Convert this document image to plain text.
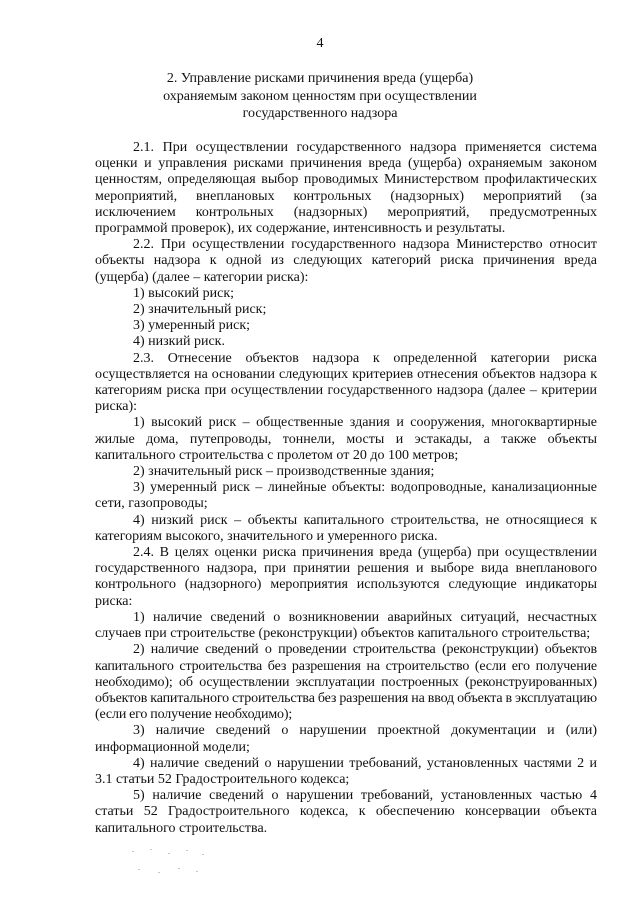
4
2. Управление рисками причинения вреда (ущерба)
охраняемым законом ценностям при осуществлении
государственного надзора

2.1. При осуществлении государственного надзора применяется система оценки и управления рисками причинения вреда (ущерба) охраняемым законом ценностям, определяющая выбор проводимых Министерством профилактических мероприятий, внеплановых контрольных (надзорных) мероприятий (за исключением контрольных (надзорных) мероприятий, предусмотренных программой проверок), их содержание, интенсивность и результаты.

2.2. При осуществлении государственного надзора Министерство относит объекты надзора к одной из следующих категорий риска причинения вреда (ущерба) (далее – категории риска):

1) высокий риск;

2) значительный риск;

3) умеренный риск;

4) низкий риск.

2.3. Отнесение объектов надзора к определенной категории риска осуществляется на основании следующих критериев отнесения объектов надзора к категориям риска при осуществлении государственного надзора (далее – критерии риска):

1) высокий риск – общественные здания и сооружения, многоквартирные жилые дома, путепроводы, тоннели, мосты и эстакады, а также объекты капитального строительства с пролетом от 20 до 100 метров;

2) значительный риск – производственные здания;

3) умеренный риск – линейные объекты: водопроводные, канализационные сети, газопроводы;

4) низкий риск – объекты капитального строительства, не относящиеся к категориям высокого, значительного и умеренного риска.

2.4. В целях оценки риска причинения вреда (ущерба) при осуществлении государственного надзора, при принятии решения и выборе вида внепланового контрольного (надзорного) мероприятия используются следующие индикаторы риска:

1) наличие сведений о возникновении аварийных ситуаций, несчастных случаев при строительстве (реконструкции) объектов капитального строительства;

2) наличие сведений о проведении строительства (реконструкции) объектов капитального строительства без разрешения на строительство (если его получение необходимо); об осуществлении эксплуатации построенных (реконструированных) объектов капитального строительства без разрешения на ввод объекта в эксплуатацию (если его получение необходимо);

3) наличие сведений о нарушении проектной документации и (или) информационной модели;

4) наличие сведений о нарушении требований, установленных частями 2 и 3.1 статьи 52 Градостроительного кодекса;

5) наличие сведений о нарушении требований, установленных частью 4 статьи 52 Градостроительного кодекса, к обеспечению консервации объекта капитального строительства.
